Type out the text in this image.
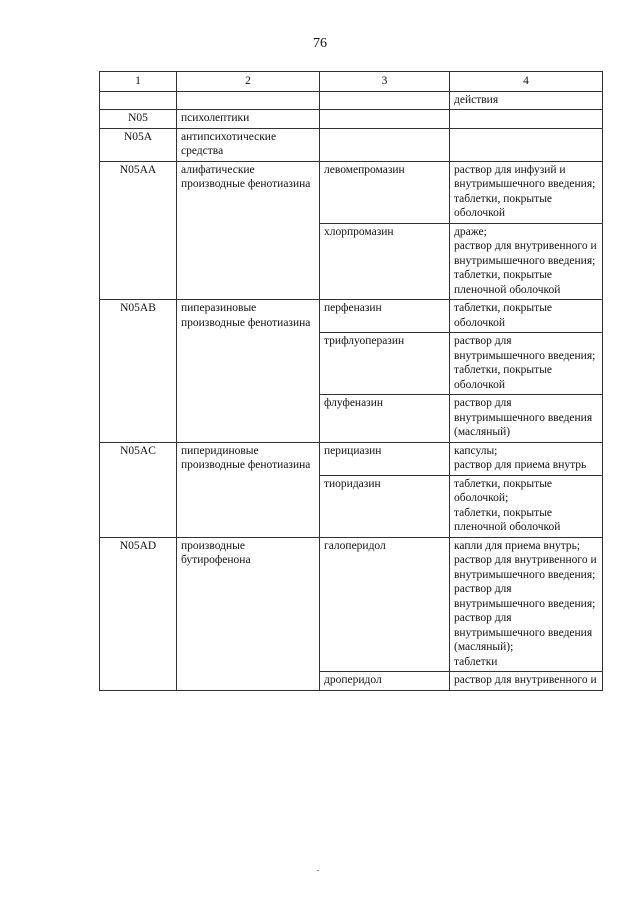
76
1	2	3	4
			действия
N05	психолептики		
N05A	антипсихотические средства		
N05AA	алифатические производные фенотиазина	левомепромазин	раствор для инфузий и внутримышечного введения;
таблетки, покрытые оболочкой

		хлорпромазин	драже;
раствор для внутривенного и внутримышечного введения;
таблетки, покрытые пленочной оболочкой

N05AB	пиперазиновые производные фенотиазина	перфеназин	таблетки, покрытые оболочкой

		трифлуоперазин	раствор для внутримышечного введения;
таблетки, покрытые оболочкой

		флуфеназин	раствор для внутримышечного введения (масляный)

N05AC	пиперидиновые производные фенотиазина	перициазин	капсулы;
раствор для приема внутрь

		тиоридазин	таблетки, покрытые оболочкой;
таблетки, покрытые пленочной оболочкой

N05AD	производные бутирофенона	галоперидол	капли для приема внутрь;
раствор для внутривенного и внутримышечного введения;
раствор для внутримышечного введения;
раствор для внутримышечного введения (масляный);
таблетки

		дроперидол	раствор для внутривенного и
